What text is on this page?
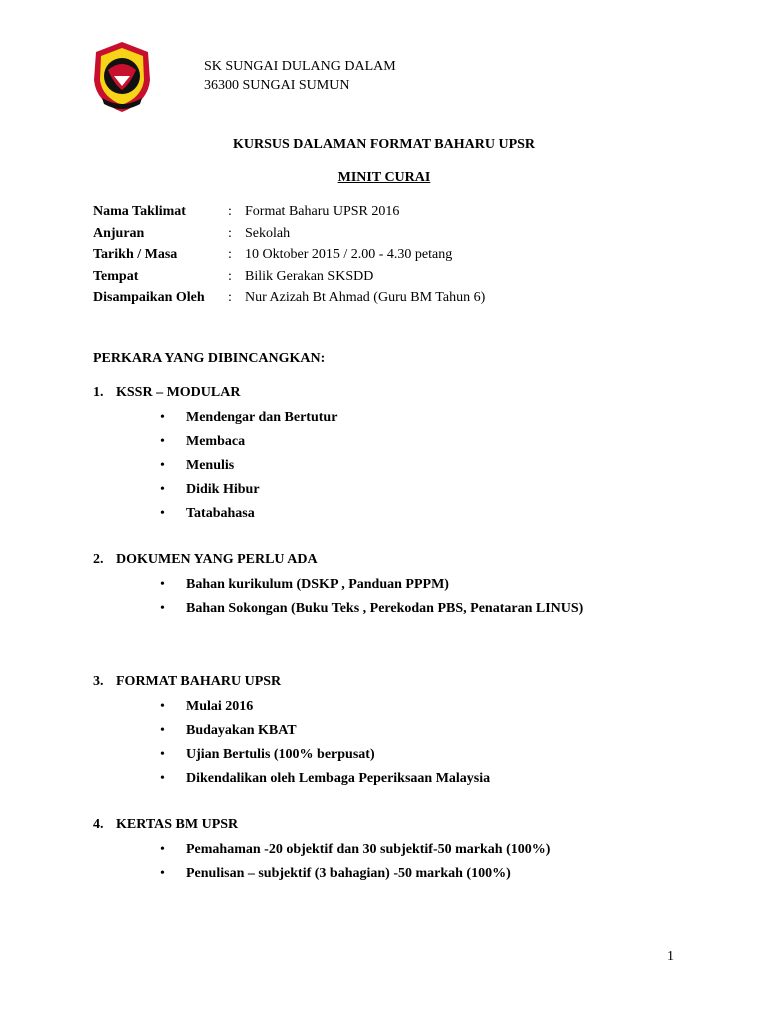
SK SUNGAI DULANG DALAM
36300 SUNGAI SUMUN
KURSUS DALAMAN FORMAT BAHARU UPSR
MINIT CURAI
Nama Taklimat	: Format Baharu UPSR 2016
Anjuran	: Sekolah
Tarikh / Masa	: 10 Oktober 2015 / 2.00 - 4.30 petang
Tempat	: Bilik Gerakan SKSDD
Disampaikan Oleh : Nur Azizah Bt Ahmad (Guru BM Tahun 6)
PERKARA YANG DIBINCANGKAN:
1. KSSR – MODULAR
• Mendengar dan Bertutur
• Membaca
• Menulis
• Didik Hibur
• Tatabahasa
2. DOKUMEN YANG PERLU ADA
• Bahan kurikulum (DSKP , Panduan PPPM)
• Bahan Sokongan (Buku Teks , Perekodan PBS, Penataran LINUS)
3. FORMAT BAHARU UPSR
• Mulai 2016
• Budayakan KBAT
• Ujian Bertulis (100% berpusat)
• Dikendalikan oleh Lembaga Peperiksaan Malaysia
4. KERTAS BM UPSR
• Pemahaman -20 objektif dan 30 subjektif-50 markah (100%)
• Penulisan – subjektif (3 bahagian) -50 markah (100%)
1
